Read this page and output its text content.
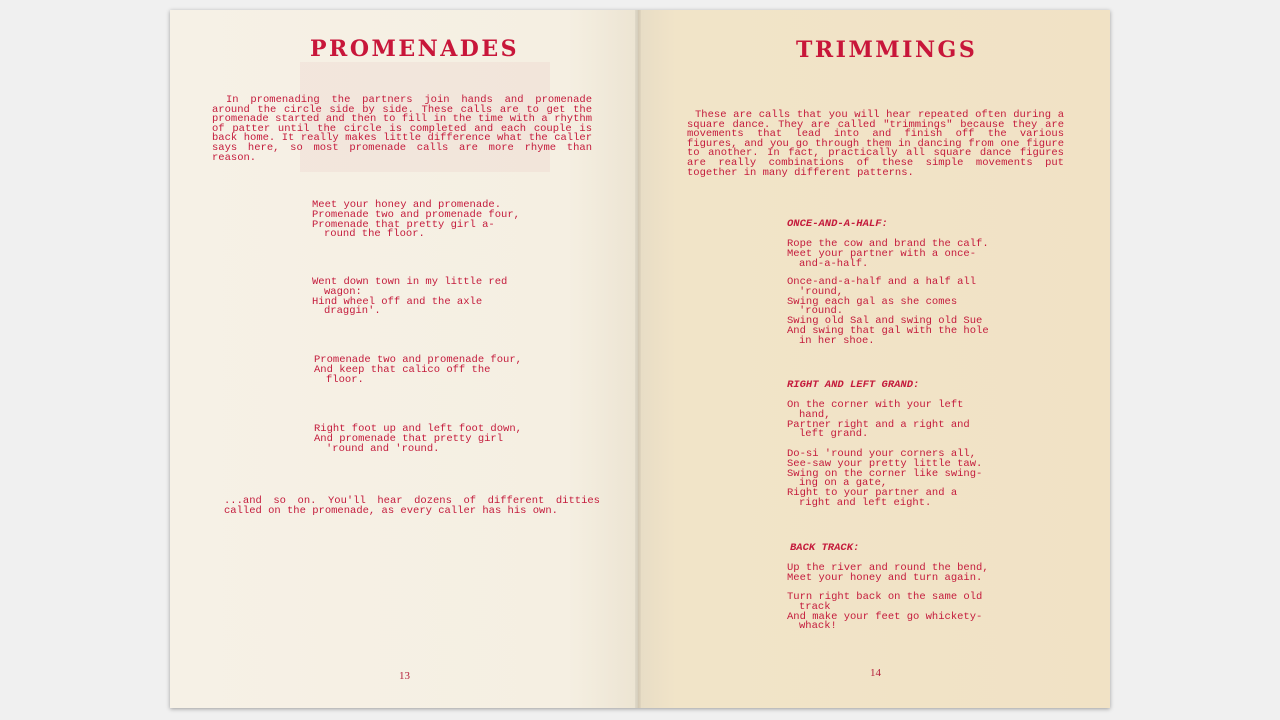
PROMENADES

In promenading the partners join hands and promenade around the circle side by side. These calls are to get the promenade started and then to fill in the time with a rhythm of patter until the circle is completed and each couple is back home. It really makes little difference what the caller says here, so most promenade calls are more rhyme than reason.

Meet your honey and promenade.
Promenade two and promenade four,
Promenade that pretty girl a-
round the floor.
Went down town in my little red
wagon:
Hind wheel off and the axle
draggin'.
Promenade two and promenade four,
And keep that calico off the
floor.
Right foot up and left foot down,
And promenade that pretty girl
'round and 'round.

...and so on. You'll hear dozens of different ditties called on the promenade, as every caller has his own.

13
TRIMMINGS

These are calls that you will hear repeated often during a square dance. They are called "trimmings" because they are movements that lead into and finish off the various figures, and you go through them in dancing from one figure to another. In fact, practically all square dance figures are really combinations of these simple movements put together in many different patterns.

ONCE-AND-A-HALF:
Rope the cow and brand the calf.
Meet your partner with a once-
and-a-half.
Once-and-a-half and a half all
'round,
Swing each gal as she comes
'round.
Swing old Sal and swing old Sue
And swing that gal with the hole
in her shoe.
RIGHT AND LEFT GRAND:
On the corner with your left
hand,
Partner right and a right and
left grand.
Do-si 'round your corners all,
See-saw your pretty little taw.
Swing on the corner like swing-
ing on a gate,
Right to your partner and a
right and left eight.
BACK TRACK:
Up the river and round the bend,
Meet your honey and turn again.
Turn right back on the same old
track
And make your feet go whickety-
whack!
14
